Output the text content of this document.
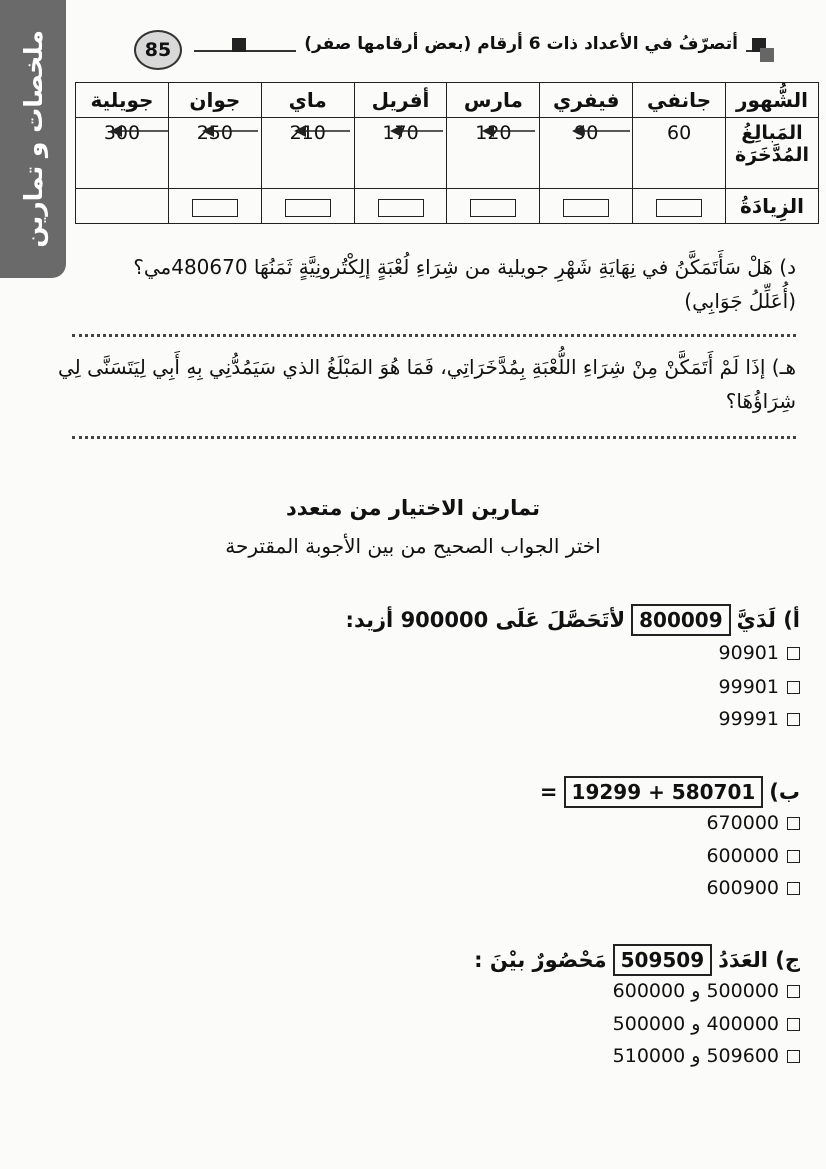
ملخصات و تمارين	85	أتصرّفُ في الأعداد ذات 6 أرقام (بعض أرقامها صفر)
الشُّهور	جانفي	فيفري	مارس	أفريل	ماي	جوان	جويلية
المَبالِغُ المُدَّخَرَة	60	90	120	170	210	250	300
الزِيادَةُ							
د) هَلْ سَأَتَمَكَّنُ في نِهَايَةِ شَهْرِ جويلية من شِرَاءِ لُعْبَةٍ إلِكْتُرونِيَّةٍ ثَمَنُهَا 480670مي؟
(أُعَلِّلُ جَوَابِي)
هـ) إذَا لَمْ أَتَمَكَّنْ مِنْ شِرَاءِ اللُّعْبَةِ بِمُدَّخَرَاتِي، فَمَا هُوَ المَبْلَغُ الذي سَيَمُدُّنِي بِهِ أَبِي لِيَتَسَنَّى لِي
شِرَاؤُهَا؟
تمارين الاختيار من متعدد
اختر الجواب الصحيح من بين الأجوبة المقترحة
أ) لَدَيَّ
800009
لأتَحَصَّلَ عَلَى 900000 أزيد:
90901
99901
99991
ب)
19299 + 580701
=
670000
600000
600900
ج) العَدَدُ
509509
مَحْصُورٌ بيْنَ :
500000 و 600000
400000 و 500000
509600 و 510000
